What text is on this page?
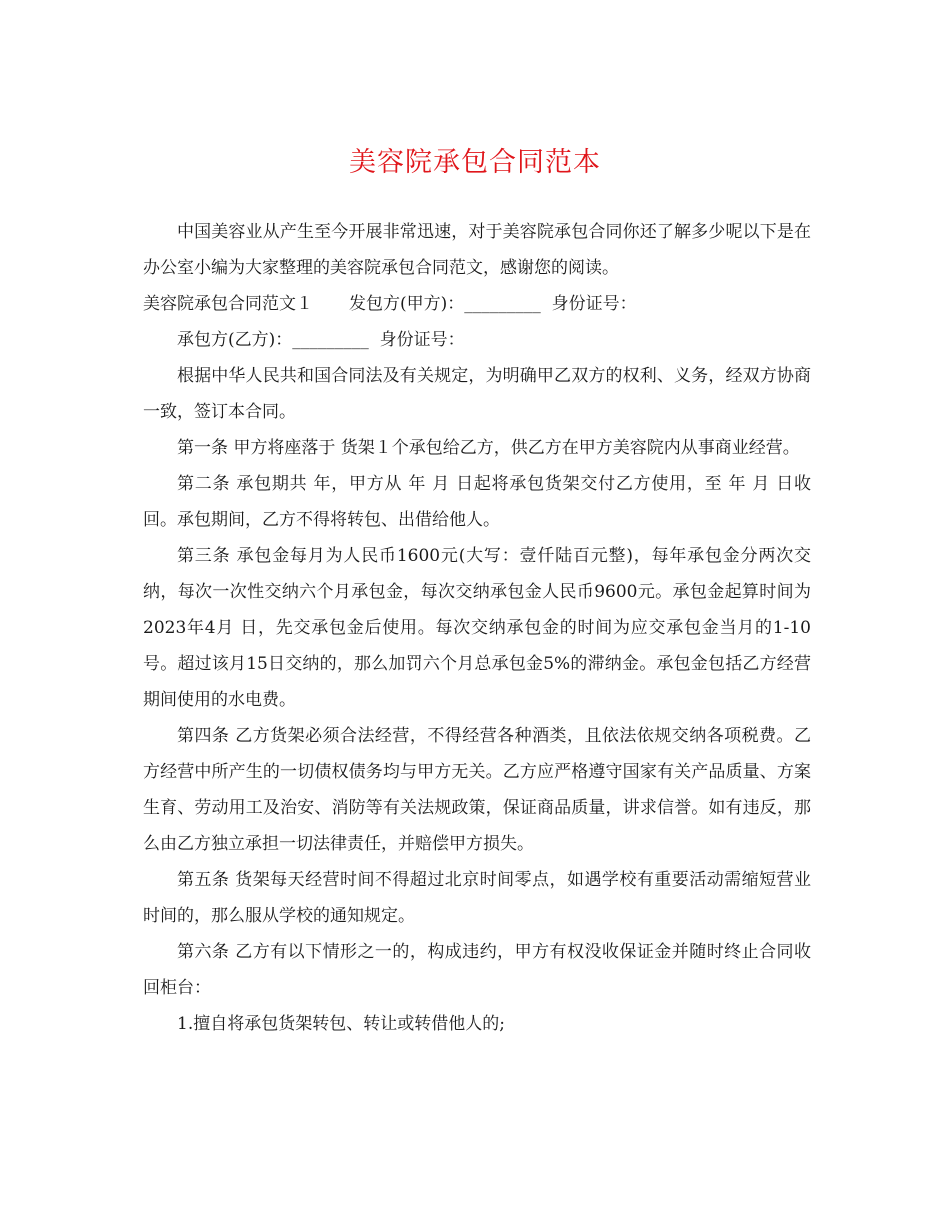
美容院承包合同范本

中国美容业从产生至今开展非常迅速，对于美容院承包合同你还了解多少呢以下是在办公室小编为大家整理的美容院承包合同范文，感谢您的阅读。

美容院承包合同范文１ 发包方(甲方)：_________ 身份证号：

承包方(乙方)：_________ 身份证号：

根据中华人民共和国合同法及有关规定，为明确甲乙双方的权利、义务，经双方协商一致，签订本合同。

第一条 甲方将座落于 货架１个承包给乙方，供乙方在甲方美容院内从事商业经营。

第二条 承包期共 年，甲方从 年 月 日起将承包货架交付乙方使用，至 年 月 日收回。承包期间，乙方不得将转包、出借给他人。

第三条 承包金每月为人民币1600元(大写：壹仟陆百元整)，每年承包金分两次交纳，每次一次性交纳六个月承包金，每次交纳承包金人民币9600元。承包金起算时间为2023年4月 日，先交承包金后使用。每次交纳承包金的时间为应交承包金当月的1-10号。超过该月15日交纳的，那么加罚六个月总承包金5%的滞纳金。承包金包括乙方经营期间使用的水电费。

第四条 乙方货架必须合法经营，不得经营各种酒类，且依法依规交纳各项税费。乙方经营中所产生的一切债权债务均与甲方无关。乙方应严格遵守国家有关产品质量、方案生育、劳动用工及治安、消防等有关法规政策，保证商品质量，讲求信誉。如有违反，那么由乙方独立承担一切法律责任，并赔偿甲方损失。

第五条 货架每天经营时间不得超过北京时间零点，如遇学校有重要活动需缩短营业时间的，那么服从学校的通知规定。

第六条 乙方有以下情形之一的，构成违约，甲方有权没收保证金并随时终止合同收回柜台：

1.擅自将承包货架转包、转让或转借他人的;
